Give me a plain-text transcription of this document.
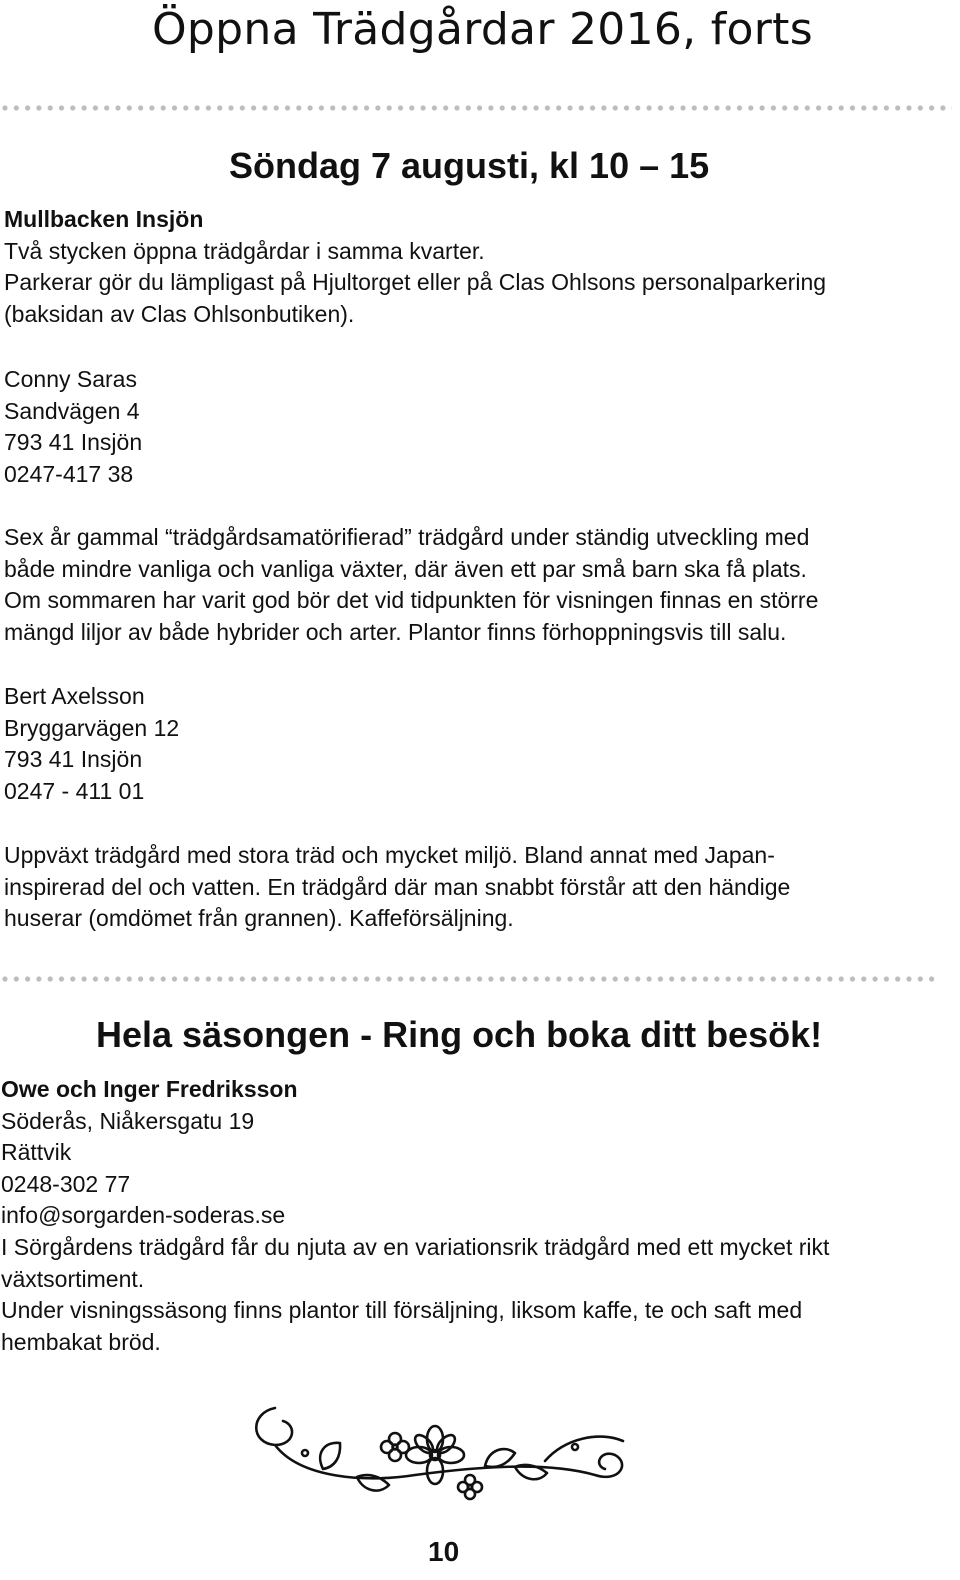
Öppna Trädgårdar 2016, forts
Söndag 7 augusti, kl 10 – 15
Mullbacken Insjön
Två stycken öppna trädgårdar i samma kvarter.
Parkerar gör du lämpligast på Hjultorget eller på Clas Ohlsons personalparkering
(baksidan av Clas Ohlsonbutiken).
Conny Saras
Sandvägen 4
793 41 Insjön
0247-417 38
Sex år gammal “trädgårdsamatörifierad” trädgård under ständig utveckling med
både mindre vanliga och vanliga växter, där även ett par små barn ska få plats.
Om sommaren har varit god bör det vid tidpunkten för visningen finnas en större
mängd liljor av både hybrider och arter. Plantor finns förhoppningsvis till salu.
Bert Axelsson
Bryggarvägen 12
793 41 Insjön
0247 - 411 01
Uppväxt trädgård med stora träd och mycket miljö. Bland annat med Japan-
inspirerad del och vatten. En trädgård där man snabbt förstår att den händige
huserar (omdömet från grannen). Kaffeförsäljning.
Hela säsongen - Ring och boka ditt besök!
Owe och Inger Fredriksson
Söderås, Niåkersgatu 19
Rättvik
0248-302 77
info@sorgarden-soderas.se
I Sörgårdens trädgård får du njuta av en variationsrik trädgård med ett mycket rikt
växtsortiment.
Under visningssäsong finns plantor till försäljning, liksom kaffe, te och saft med
hembakat bröd.
10
